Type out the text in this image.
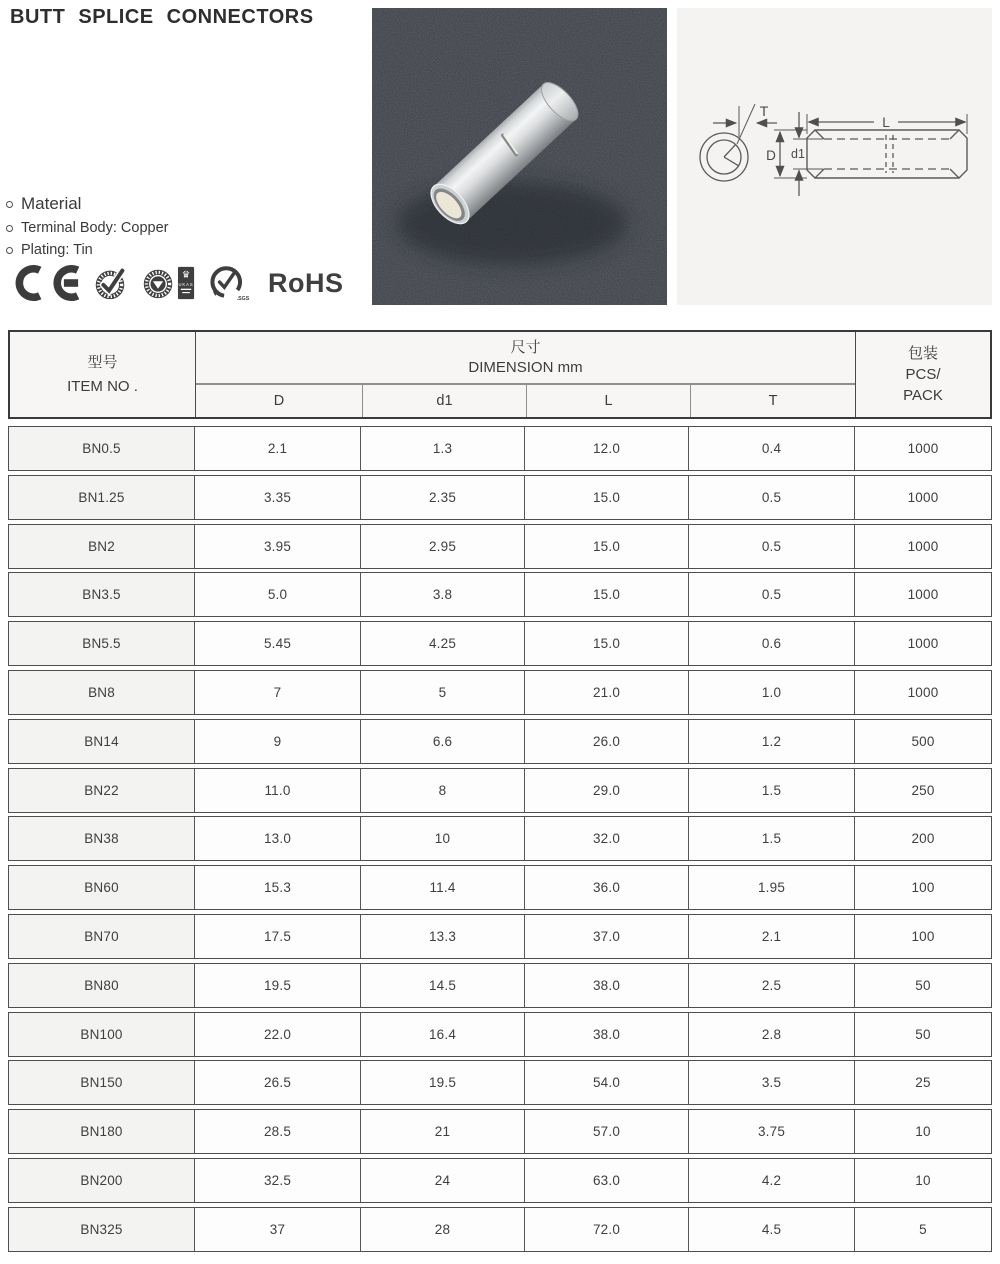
BUTT SPLICE CONNECTORS
Material
Terminal Body: Copper
Plating: Tin
♛
UKAS
.SGS
RoHS
T
L
D d1
型号
ITEM NO .
尺寸
DIMENSION mm
D	d1	L	T
包装
PCS/
PACK
BN0.5	2.1	1.3	12.0	0.4	1000
BN1.25	3.35	2.35	15.0	0.5	1000
BN2	3.95	2.95	15.0	0.5	1000
BN3.5	5.0	3.8	15.0	0.5	1000
BN5.5	5.45	4.25	15.0	0.6	1000
BN8	7	5	21.0	1.0	1000
BN14	9	6.6	26.0	1.2	500
BN22	11.0	8	29.0	1.5	250
BN38	13.0	10	32.0	1.5	200
BN60	15.3	11.4	36.0	1.95	100
BN70	17.5	13.3	37.0	2.1	100
BN80	19.5	14.5	38.0	2.5	50
BN100	22.0	16.4	38.0	2.8	50
BN150	26.5	19.5	54.0	3.5	25
BN180	28.5	21	57.0	3.75	10
BN200	32.5	24	63.0	4.2	10
BN325	37	28	72.0	4.5	5
